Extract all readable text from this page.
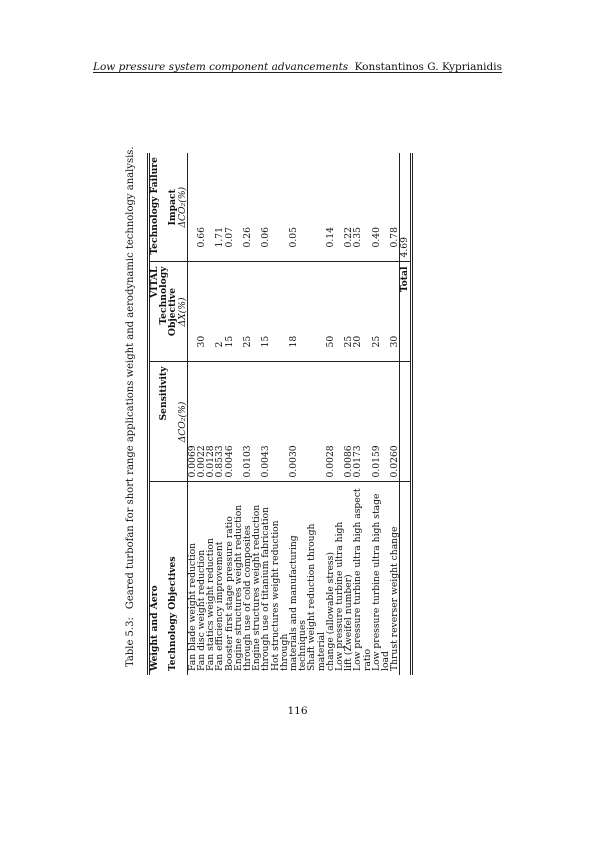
Low pressure system component advancements Konstantinos G. Kyprianidis
Table 5.3:Geared turbofan for short range applications weight and aerodynamic technology analysis.
Weight and Aero	Sensitivity	VITAL Technology	Technology Failure
Technology Objectives		Objective	Impact
	ΔCO₂(%)	ΔX(%)	ΔCO₂(%)
Fan blade weight reduction	0.0069		
Fan disc weight reduction	0.0022	30	0.66
Fan statics weight reduction	0.0128		
Fan efficiency improvement	0.8533	2	1.71
Booster first stage pressure ratio	0.0046	15	0.07
Engine structures weight reduction			
through use of cold composites	0.0103	25	0.26
Engine structures weight reduction			
through use of titanium fabrication	0.0043	15	0.06
Hot structures weight reduction through			
materials and manufacturing techniques	0.0030	18	0.05
Shaft weight reduction through material			
change (allowable stress)	0.0028	50	0.14
Low pressure turbine ultra high			
lift (Zweifel number)	0.0086	25	0.22
Low pressure turbine ultra high aspect ratio	0.0173	20	0.35
Low pressure turbine ultra high stage load	0.0159	25	0.40
Thrust reverser weight change	0.0260	30	0.78
		Total	4.69
116
